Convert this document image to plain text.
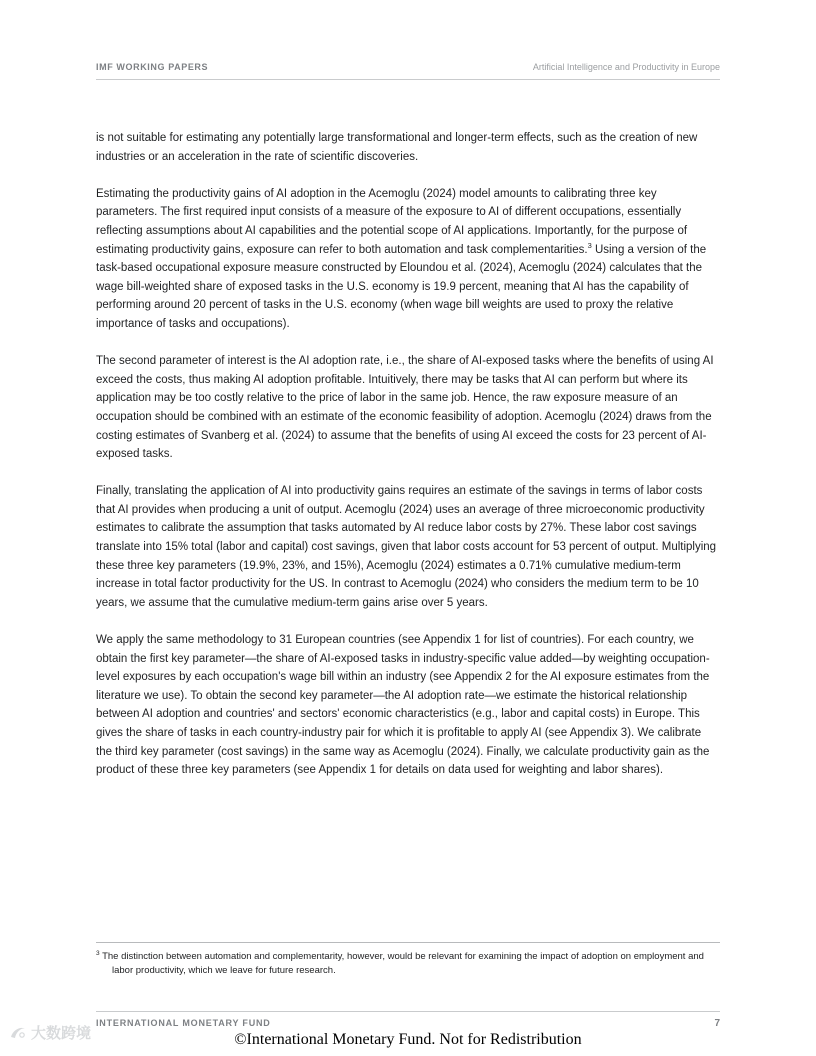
IMF WORKING PAPERS	Artificial Intelligence and Productivity in Europe

is not suitable for estimating any potentially large transformational and longer-term effects, such as the creation of new industries or an acceleration in the rate of scientific discoveries.

Estimating the productivity gains of AI adoption in the Acemoglu (2024) model amounts to calibrating three key parameters. The first required input consists of a measure of the exposure to AI of different occupations, essentially reflecting assumptions about AI capabilities and the potential scope of AI applications. Importantly, for the purpose of estimating productivity gains, exposure can refer to both automation and task complementarities.$^3$ Using a version of the task-based occupational exposure measure constructed by Eloundou et al. (2024), Acemoglu (2024) calculates that the wage bill-weighted share of exposed tasks in the U.S. economy is 19.9 percent, meaning that AI has the capability of performing around 20 percent of tasks in the U.S. economy (when wage bill weights are used to proxy the relative importance of tasks and occupations).

The second parameter of interest is the AI adoption rate, i.e., the share of AI-exposed tasks where the benefits of using AI exceed the costs, thus making AI adoption profitable. Intuitively, there may be tasks that AI can perform but where its application may be too costly relative to the price of labor in the same job. Hence, the raw exposure measure of an occupation should be combined with an estimate of the economic feasibility of adoption. Acemoglu (2024) draws from the costing estimates of Svanberg et al. (2024) to assume that the benefits of using AI exceed the costs for 23 percent of AI-exposed tasks.

Finally, translating the application of AI into productivity gains requires an estimate of the savings in terms of labor costs that AI provides when producing a unit of output. Acemoglu (2024) uses an average of three microeconomic productivity estimates to calibrate the assumption that tasks automated by AI reduce labor costs by 27%. These labor cost savings translate into 15% total (labor and capital) cost savings, given that labor costs account for 53 percent of output. Multiplying these three key parameters (19.9%, 23%, and 15%), Acemoglu (2024) estimates a 0.71% cumulative medium-term increase in total factor productivity for the US. In contrast to Acemoglu (2024) who considers the medium term to be 10 years, we assume that the cumulative medium-term gains arise over 5 years.

We apply the same methodology to 31 European countries (see Appendix 1 for list of countries). For each country, we obtain the first key parameter—the share of AI-exposed tasks in industry-specific value added—by weighting occupation-level exposures by each occupation's wage bill within an industry (see Appendix 2 for the AI exposure estimates from the literature we use). To obtain the second key parameter—the AI adoption rate—we estimate the historical relationship between AI adoption and countries' and sectors' economic characteristics (e.g., labor and capital costs) in Europe. This gives the share of tasks in each country-industry pair for which it is profitable to apply AI (see Appendix 3). We calibrate the third key parameter (cost savings) in the same way as Acemoglu (2024). Finally, we calculate productivity gain as the product of these three key parameters (see Appendix 1 for details on data used for weighting and labor shares).

$^3$ The distinction between automation and complementarity, however, would be relevant for examining the impact of adoption on employment and labor productivity, which we leave for future research.
INTERNATIONAL MONETARY FUND	7
大数跨境	©International Monetary Fund. Not for Redistribution
